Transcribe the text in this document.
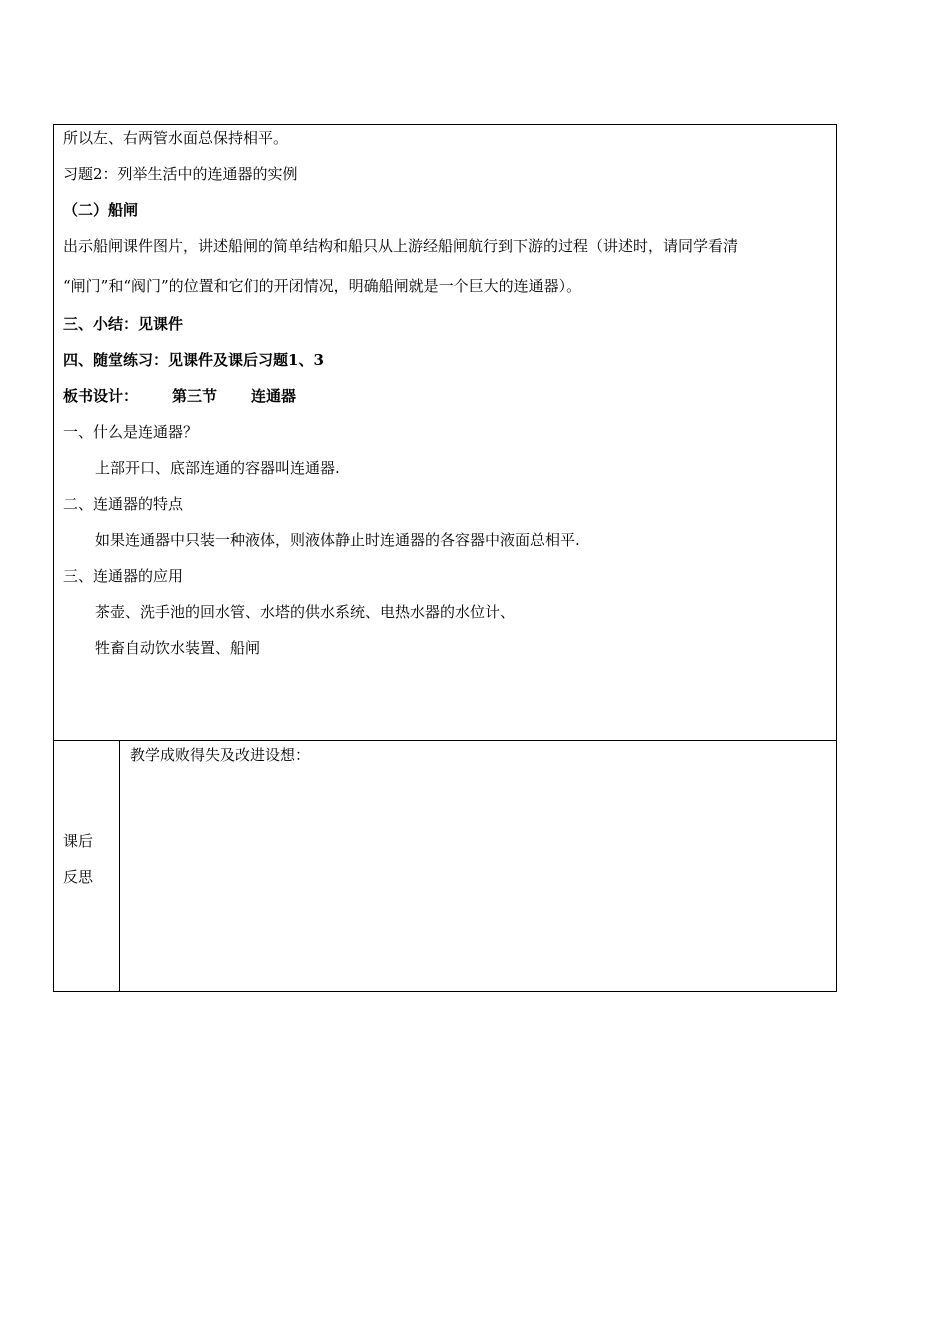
所以左、右两管水面总保持相平。
习题2：列举生活中的连通器的实例
（二）船闸
出示船闸课件图片，讲述船闸的简单结构和船只从上游经船闸航行到下游的过程（讲述时，请同学看清
“闸门”和“阀门”的位置和它们的开闭情况，明确船闸就是一个巨大的连通器）。
三、小结：见课件
四、随堂练习：见课件及课后习题1、3
板书设计： 第三节 连通器
一、什么是连通器？
上部开口、底部连通的容器叫连通器.
二、连通器的特点
如果连通器中只装一种液体，则液体静止时连通器的各容器中液面总相平.
三、连通器的应用
茶壶、洗手池的回水管、水塔的供水系统、电热水器的水位计、
牲畜自动饮水装置、船闸
课后
反思
教学成败得失及改进设想：
